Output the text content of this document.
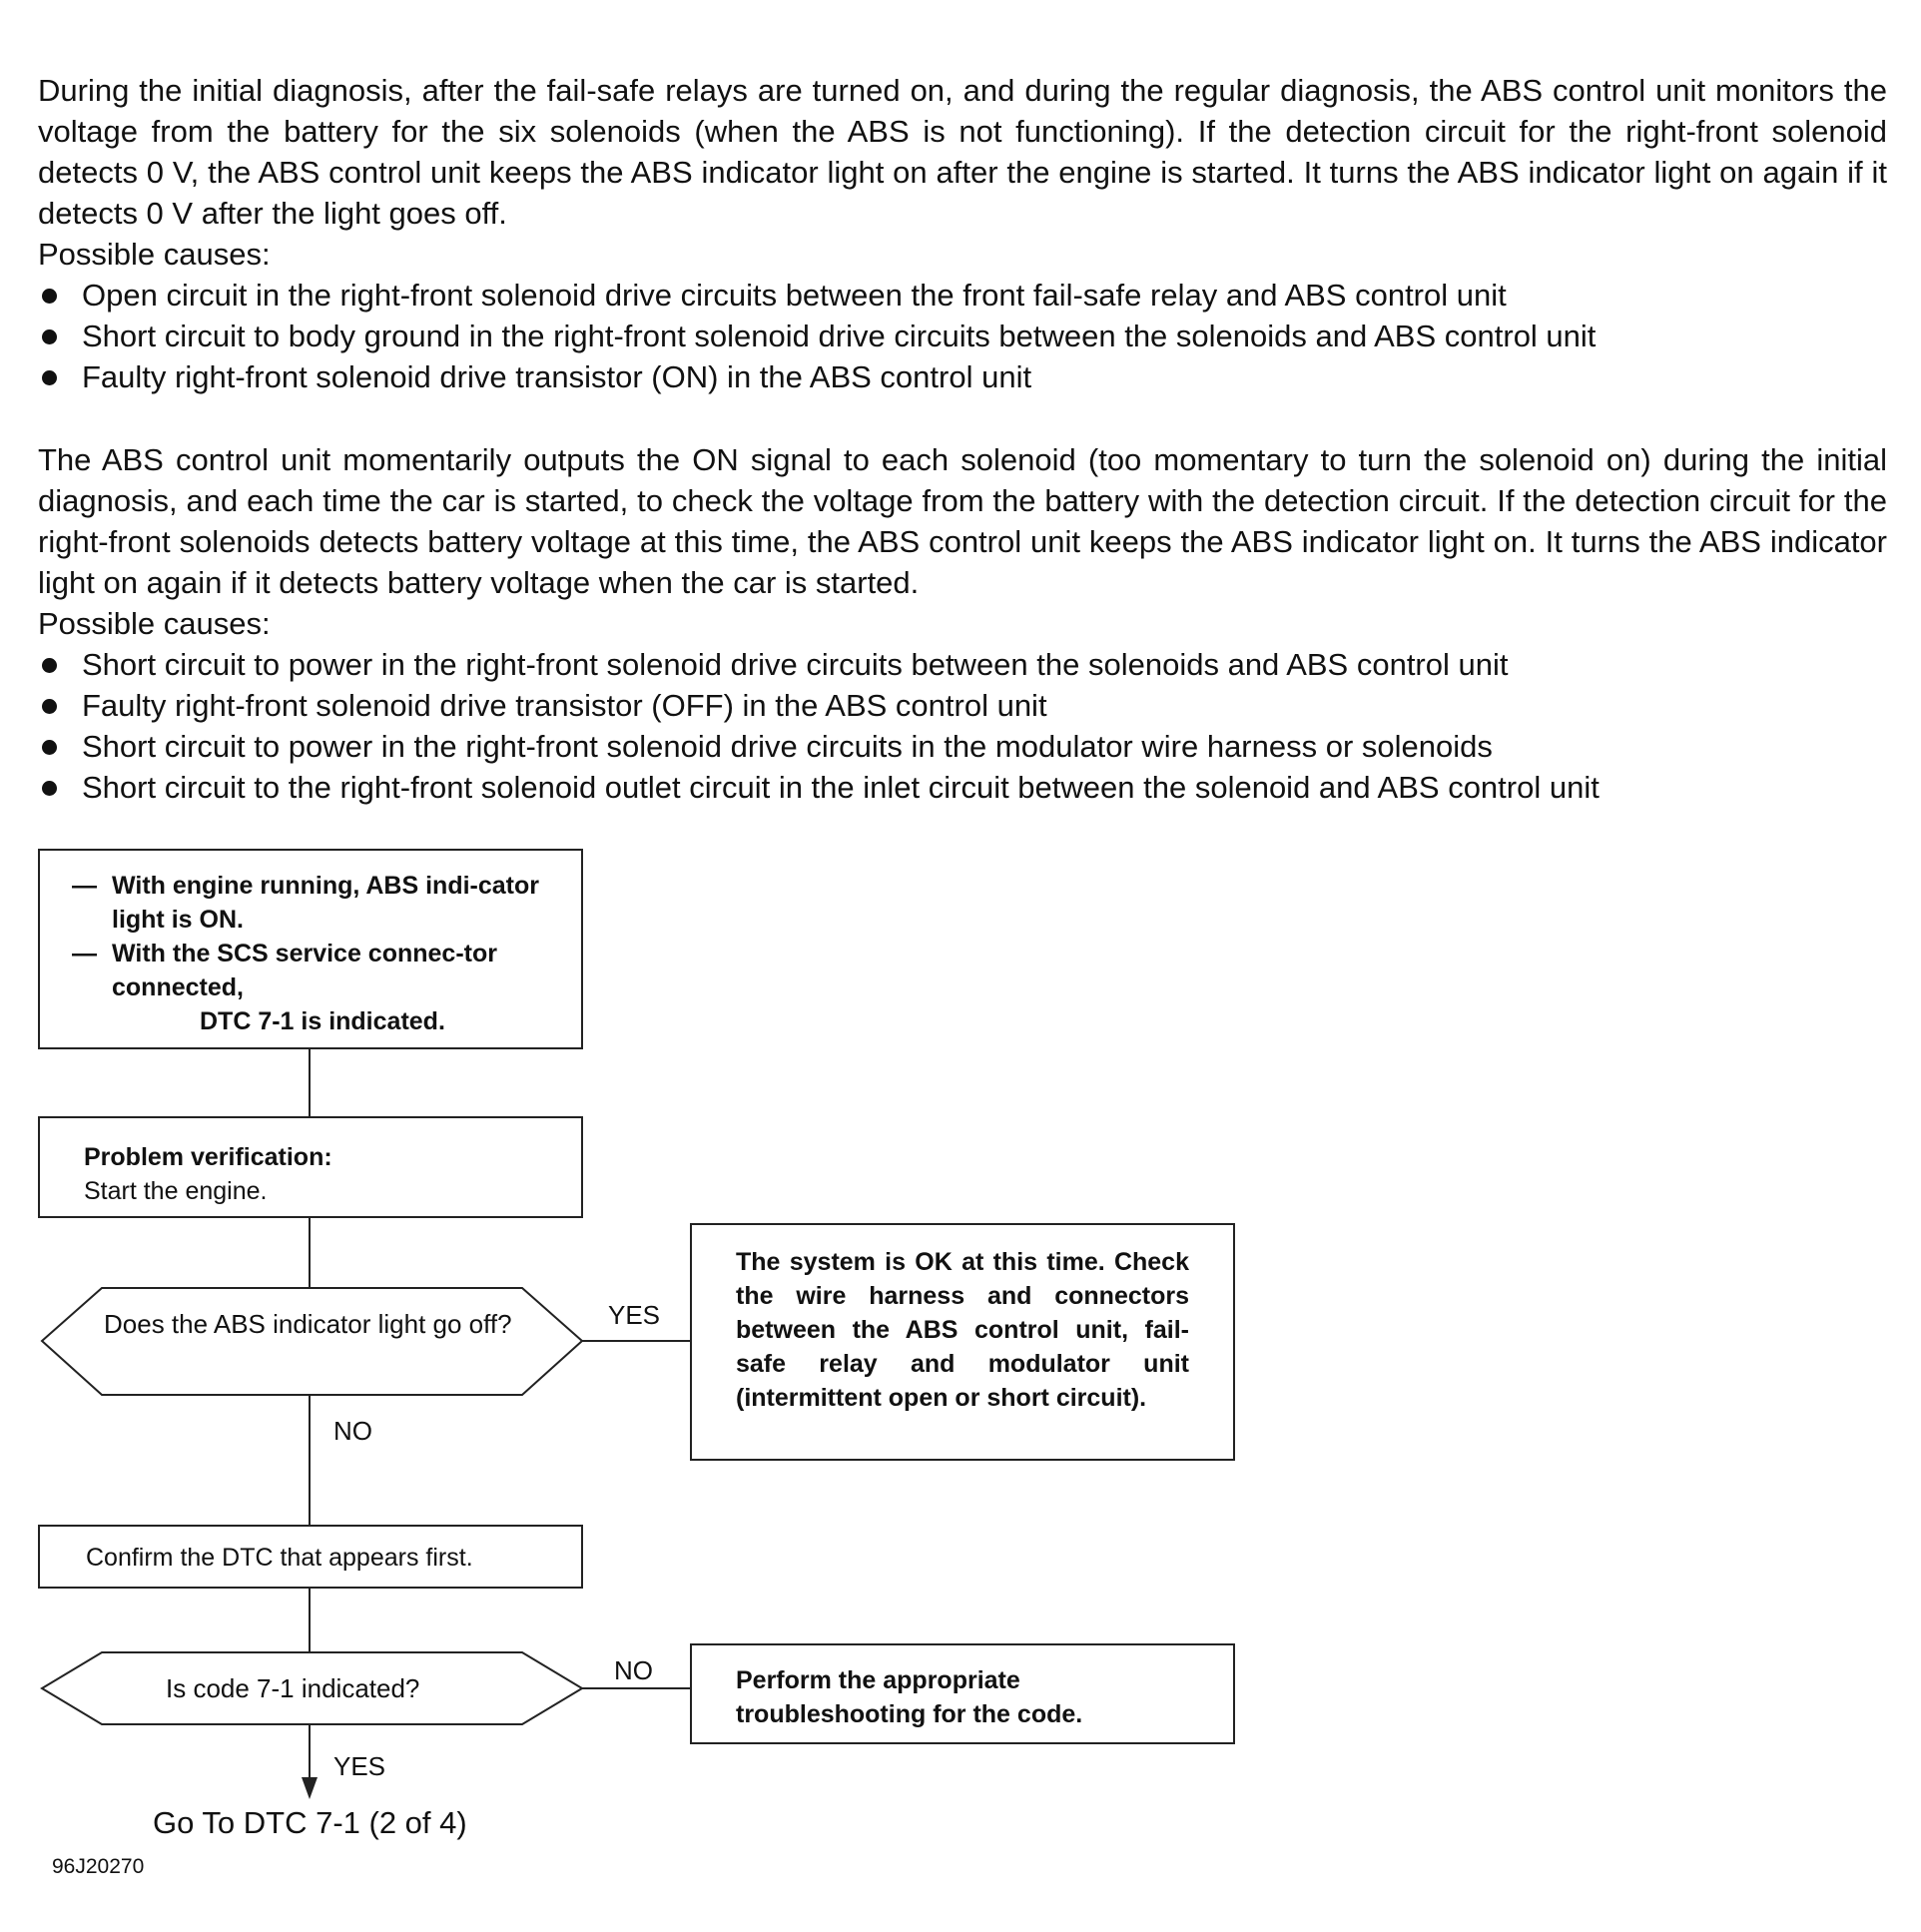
During the initial diagnosis, after the fail-safe relays are turned on, and during the regular diagnosis, the ABS control unit monitors the voltage from the battery for the six solenoids (when the ABS is not functioning). If the detection circuit for the right-front solenoid detects 0 V, the ABS control unit keeps the ABS indicator light on after the engine is started. It turns the ABS indicator light on again if it detects 0 V after the light goes off.

Possible causes:

Open circuit in the right-front solenoid drive circuits between the front fail-safe relay and ABS control unit
Short circuit to body ground in the right-front solenoid drive circuits between the solenoids and ABS control unit
Faulty right-front solenoid drive transistor (ON) in the ABS control unit

The ABS control unit momentarily outputs the ON signal to each solenoid (too momentary to turn the solenoid on) during the initial diagnosis, and each time the car is started, to check the voltage from the battery with the detection circuit. If the detection circuit for the right-front solenoids detects battery voltage at this time, the ABS control unit keeps the ABS indicator light on. It turns the ABS indicator light on again if it detects battery voltage when the car is started.

Possible causes:

Short circuit to power in the right-front solenoid drive circuits between the solenoids and ABS control unit
Faulty right-front solenoid drive transistor (OFF) in the ABS control unit
Short circuit to power in the right-front solenoid drive circuits in the modulator wire harness or solenoids
Short circuit to the right-front solenoid outlet circuit in the inlet circuit between the solenoid and ABS control unit
— With engine running, ABS indi-cator light is ON.
— With the SCS service connec-tor connected,
DTC 7-1 is indicated.
Problem verification:
Start the engine.
Does the ABS indicator light go off?	YES
NO
The system is OK at this time. Check the wire harness and connectors between the ABS control unit, fail-safe relay and modulator unit (intermittent open or short circuit).
Confirm the DTC that appears first.
Is code 7-1 indicated?
NO
YES
Perform the appropriate troubleshooting for the code.
Go To DTC 7-1 (2 of 4)
96J20270
